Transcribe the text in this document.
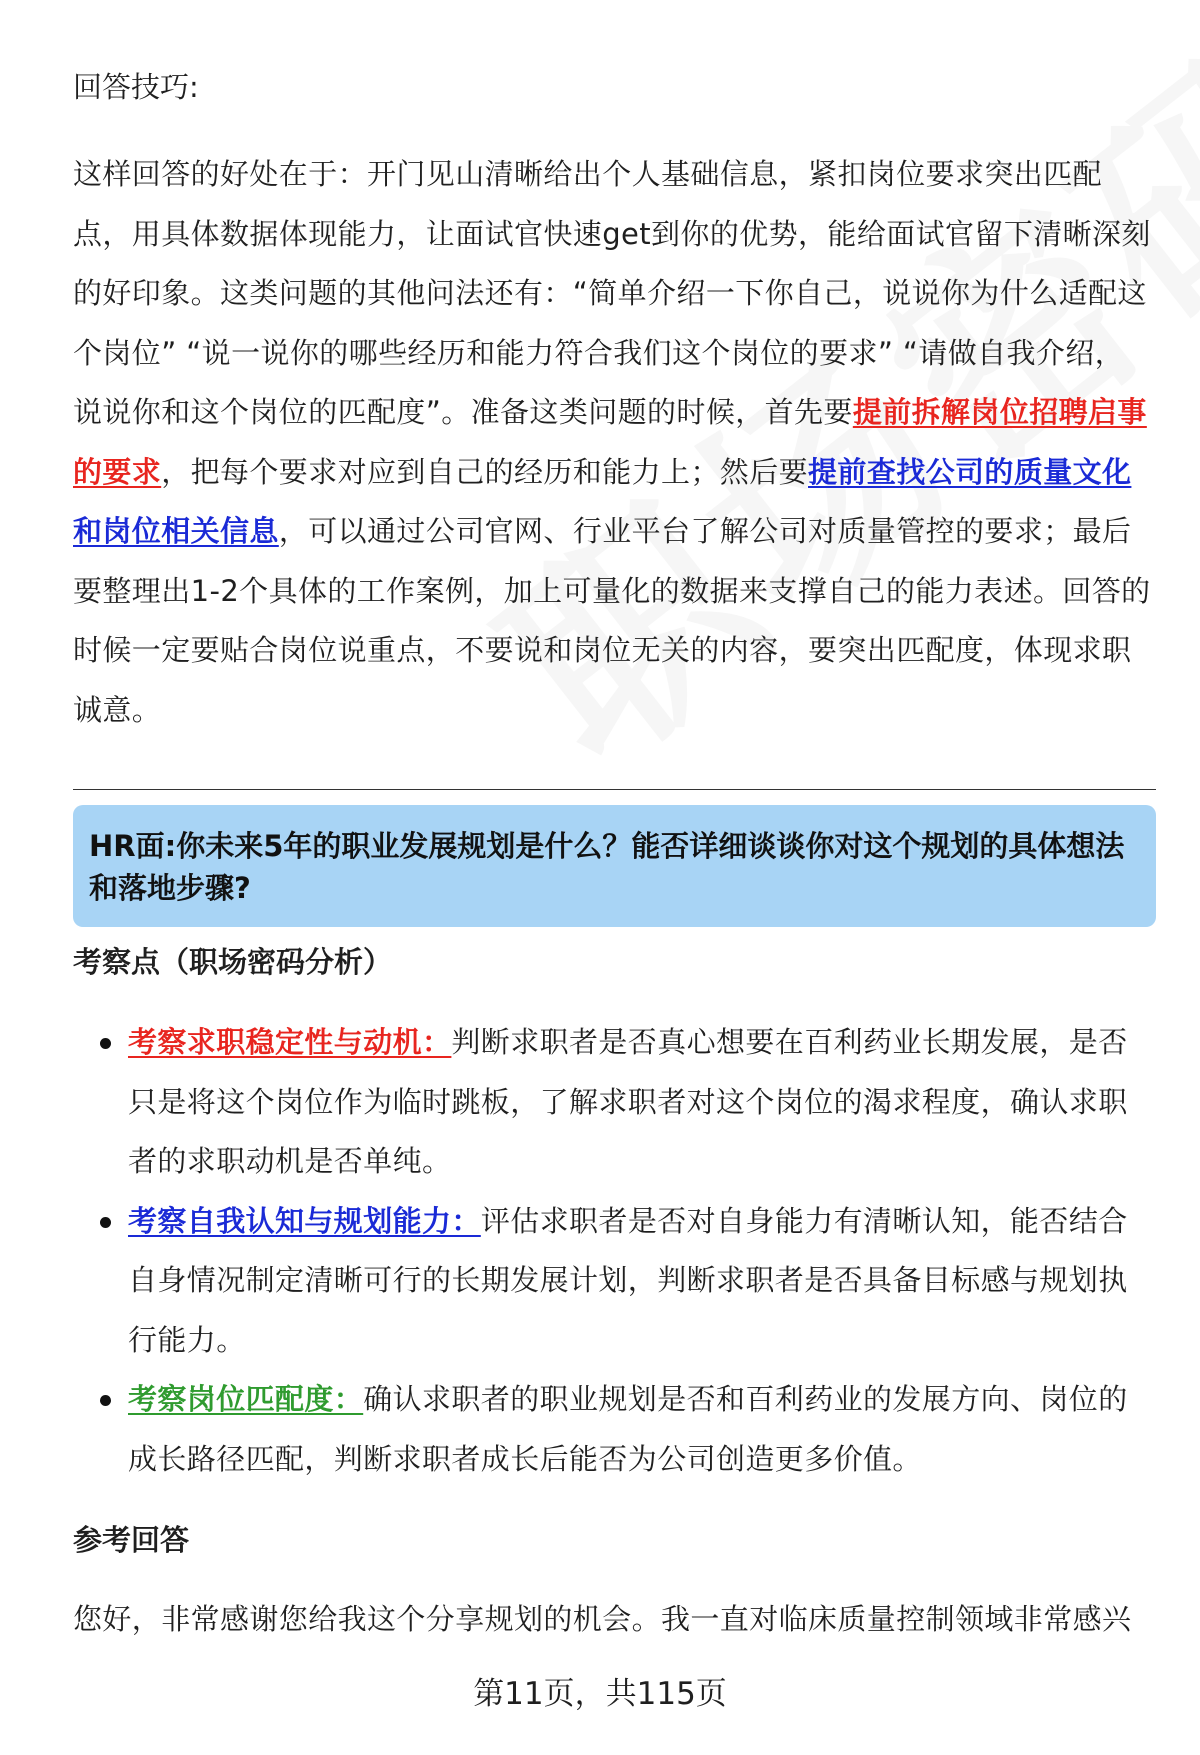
回答技巧:

这样回答的好处在于：开门见山清晰给出个人基础信息，紧扣岗位要求突出匹配点，用具体数据体现能力，让面试官快速get到你的优势，能给面试官留下清晰深刻的好印象。这类问题的其他问法还有：“简单介绍一下你自己，说说你为什么适配这个岗位” “说一说你的哪些经历和能力符合我们这个岗位的要求” “请做自我介绍，说说你和这个岗位的匹配度”。准备这类问题的时候，首先要提前拆解岗位招聘启事的要求，把每个要求对应到自己的经历和能力上；然后要提前查找公司的质量文化和岗位相关信息，可以通过公司官网、行业平台了解公司对质量管控的要求；最后要整理出1-2个具体的工作案例，加上可量化的数据来支撑自己的能力表述。回答的时候一定要贴合岗位说重点，不要说和岗位无关的内容，要突出匹配度，体现求职诚意。

HR面:你未来5年的职业发展规划是什么？能否详细谈谈你对这个规划的具体想法和落地步骤?

考察点（职场密码分析）

考察求职稳定性与动机：判断求职者是否真心想要在百利药业长期发展，是否只是将这个岗位作为临时跳板，了解求职者对这个岗位的渴求程度，确认求职者的求职动机是否单纯。
考察自我认知与规划能力：评估求职者是否对自身能力有清晰认知，能否结合自身情况制定清晰可行的长期发展计划，判断求职者是否具备目标感与规划执行能力。
考察岗位匹配度：确认求职者的职业规划是否和百利药业的发展方向、岗位的成长路径匹配，判断求职者成长后能否为公司创造更多价值。

参考回答

您好，非常感谢您给我这个分享规划的机会。我一直对临床质量控制领域非常感兴

第11页，共115页
